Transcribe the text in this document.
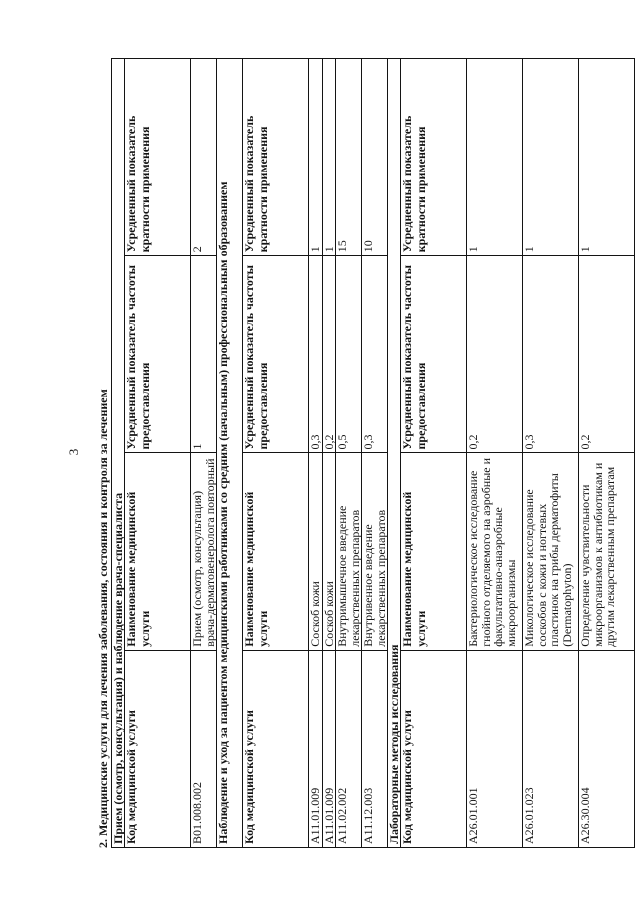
3 2. Медицинские услуги для лечения заболевания, состояния и контроля за лечением Прием (осмотр, консультация) и наблюдение врача-специалиста			
Код медицинской услуги	Наименование медицинской услуги	Усредненный показатель частоты предоставления	Усредненный показатель кратности применения
B01.008.002	Прием (осмотр, консультация) врача-дерматовенеролога повторный	1	2
Наблюдение и уход за пациентом медицинскими работниками со средним (начальным) профессиональным образованием			
Код медицинской услуги	Наименование медицинской услуги	Усредненный показатель частоты предоставления	Усредненный показатель кратности применения
A11.01.009	Соскоб кожи	0,3	1
A11.01.009	Соскоб кожи	0,2	1
A11.02.002	Внутримышечное введение лекарственных препаратов	0,5	15
A11.12.003	Внутривенное введение лекарственных препаратов	0,3	10
Лабораторные методы исследования			
Код медицинской услуги	Наименование медицинской услуги	Усредненный показатель частоты предоставления	Усредненный показатель кратности применения
A26.01.001	Бактериологическое исследование гнойного отделяемого на аэробные и факультативно-анаэробные микроорганизмы	0,2	1
A26.01.023	Микологическое исследование соскобов с кожи и ногтевых пластинок на грибы дерматофиты (Dermatophyton)	0,3	1
A26.30.004	Определение чувствительности микроорганизмов к антибиотикам и другим лекарственным препаратам	0,2	1
